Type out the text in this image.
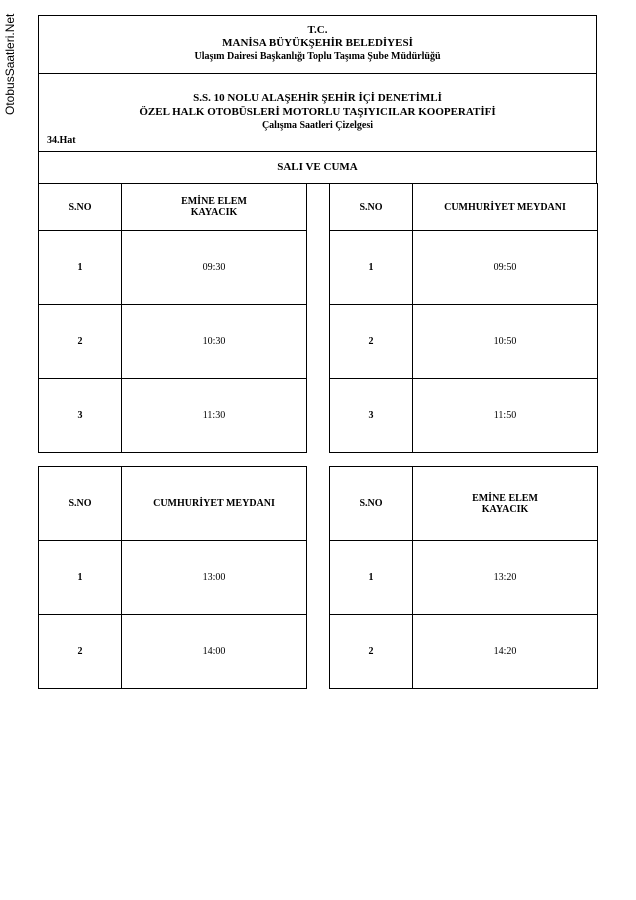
OtobusSaatleri.Net	T.C.
MANİSA BÜYÜKŞEHİR BELEDİYESİ
Ulaşım Dairesi Başkanlığı Toplu Taşıma Şube Müdürlüğü
S.S. 10 NOLU ALAŞEHİR ŞEHİR İÇİ DENETİMLİ
ÖZEL HALK OTOBÜSLERİ MOTORLU TAŞIYICILAR KOOPERATİFİ
Çalışma Saatleri Çizelgesi
34.Hat
SALI VE CUMA
S.NO	EMİNE ELEM
KAYACIK

1	09:30
2	10:30
3	11:30
S.NO	CUMHURİYET MEYDANI

1	09:50
2	10:50
3	11:50
S.NO	CUMHURİYET MEYDANI

1	13:00
2	14:00
S.NO	EMİNE ELEM
KAYACIK

1	13:20
2	14:20
